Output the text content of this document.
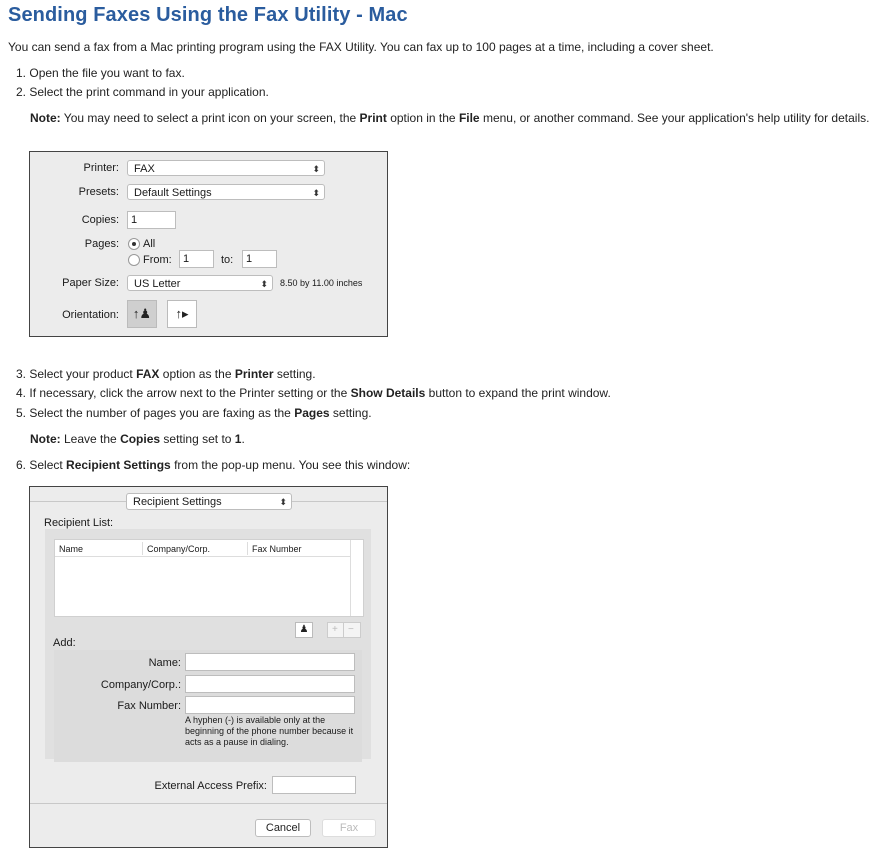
Sending Faxes Using the Fax Utility - Mac
You can send a fax from a Mac printing program using the FAX Utility. You can fax up to 100 pages at a time, including a cover sheet.
1. Open the file you want to fax.
2. Select the print command in your application.
Note: You may need to select a print icon on your screen, the Print option in the File menu, or another command. See your application's help utility for details.
Printer:	FAX	⬍
Presets:	Default Settings	⬍
Copies:	1
Pages: All
From:	1	to:	1
Paper Size:	US Letter	⬍ 8.50 by 11.00 inches
Orientation:	↑♟	↑▸
3. Select your product FAX option as the Printer setting.
4. If necessary, click the arrow next to the Printer setting or the Show Details button to expand the print window.
5. Select the number of pages you are faxing as the Pages setting.
Note: Leave the Copies setting set to 1.
6. Select Recipient Settings from the pop-up menu. You see this window:
Recipient Settings	⬍
Recipient List:
Name	Company/Corp.	Fax Number
♟	+ −
Add:
Name:
Company/Corp.:
Fax Number:
A hyphen (-) is available only at the
beginning of the phone number because it
acts as a pause in dialing.
External Access Prefix:
Cancel	Fax
